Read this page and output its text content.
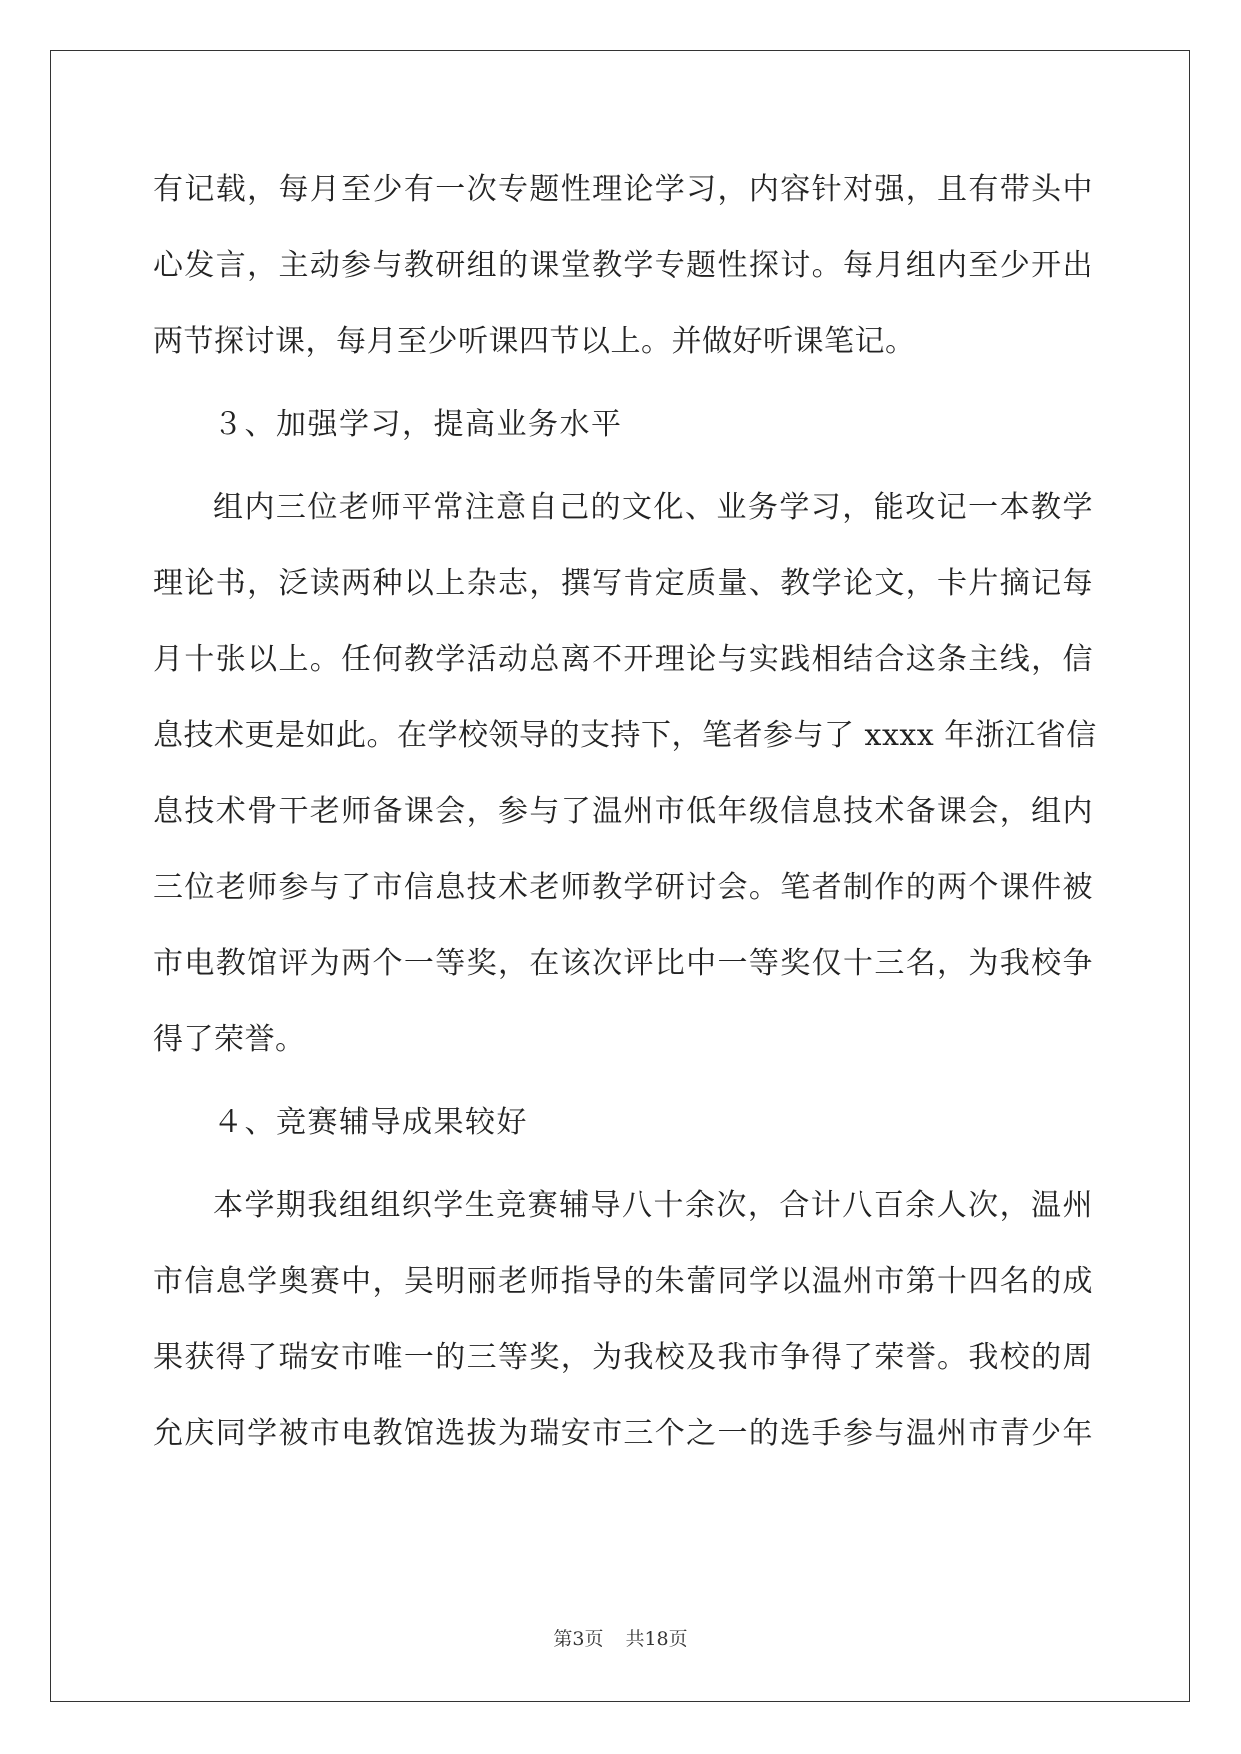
有记载，每月至少有一次专题性理论学习，内容针对强，且有带头中
心发言，主动参与教研组的课堂教学专题性探讨。每月组内至少开出
两节探讨课，每月至少听课四节以上。并做好听课笔记。
３、加强学习，提高业务水平
组内三位老师平常注意自己的文化、业务学习，能攻记一本教学
理论书，泛读两种以上杂志，撰写肯定质量、教学论文，卡片摘记每
月十张以上。任何教学活动总离不开理论与实践相结合这条主线，信
息技术更是如此。在学校领导的支持下，笔者参与了 xxxx 年浙江省信
息技术骨干老师备课会，参与了温州市低年级信息技术备课会，组内
三位老师参与了市信息技术老师教学研讨会。笔者制作的两个课件被
市电教馆评为两个一等奖，在该次评比中一等奖仅十三名，为我校争
得了荣誉。
４、竞赛辅导成果较好
本学期我组组织学生竞赛辅导八十余次，合计八百余人次，温州
市信息学奥赛中，吴明丽老师指导的朱蕾同学以温州市第十四名的成
果获得了瑞安市唯一的三等奖，为我校及我市争得了荣誉。我校的周
允庆同学被市电教馆选拔为瑞安市三个之一的选手参与温州市青少年
第3页 共18页
